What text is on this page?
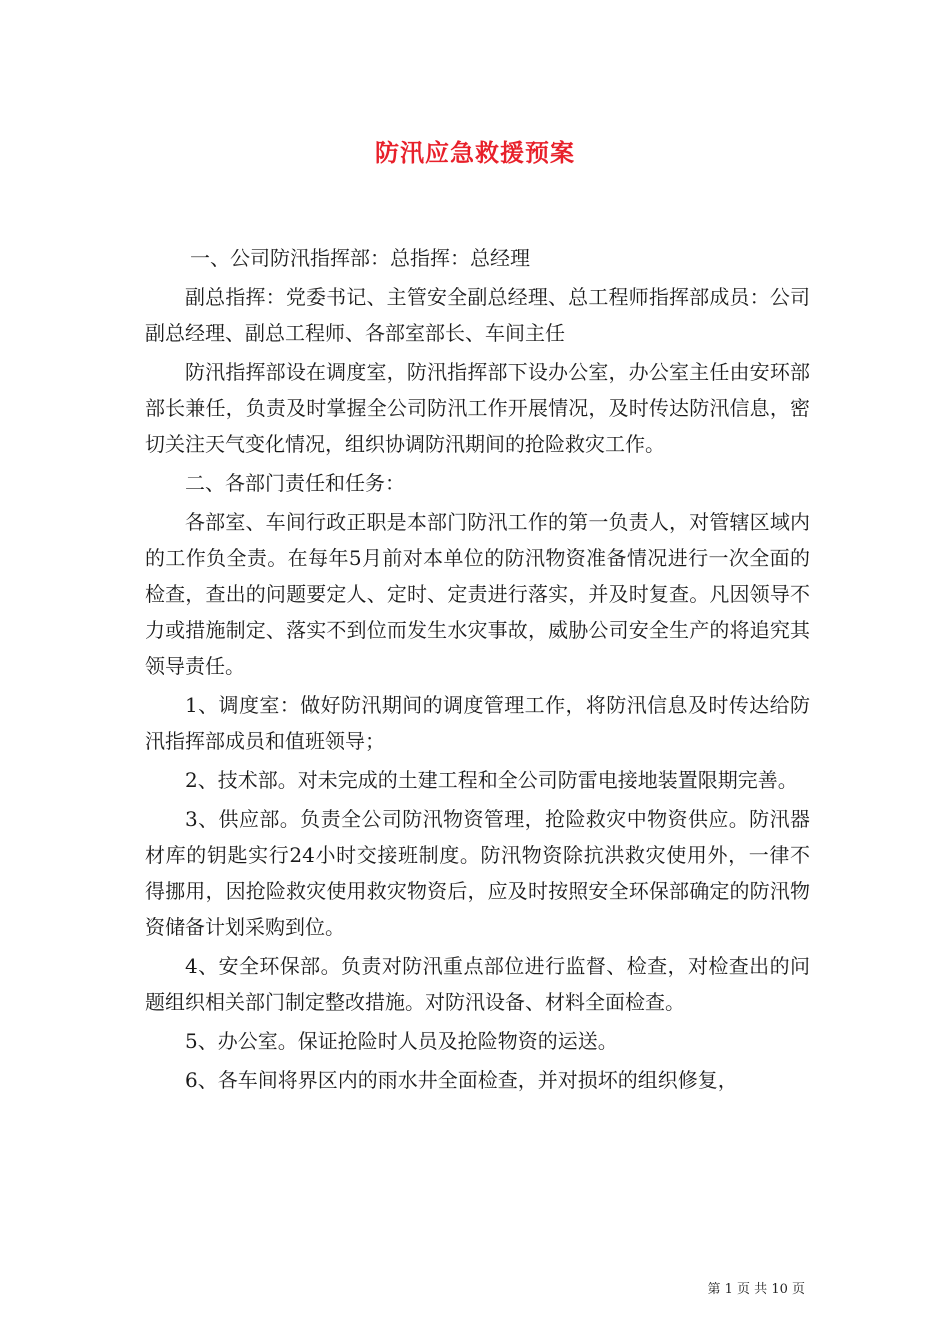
防汛应急救援预案

一、公司防汛指挥部：总指挥：总经理

副总指挥：党委书记、主管安全副总经理、总工程师指挥部成员：公司副总经理、副总工程师、各部室部长、车间主任

防汛指挥部设在调度室，防汛指挥部下设办公室，办公室主任由安环部部长兼任，负责及时掌握全公司防汛工作开展情况，及时传达防汛信息，密切关注天气变化情况，组织协调防汛期间的抢险救灾工作。

二、各部门责任和任务：

各部室、车间行政正职是本部门防汛工作的第一负责人，对管辖区域内的工作负全责。在每年5月前对本单位的防汛物资准备情况进行一次全面的检查，查出的问题要定人、定时、定责进行落实，并及时复查。凡因领导不力或措施制定、落实不到位而发生水灾事故，威胁公司安全生产的将追究其领导责任。

1、调度室：做好防汛期间的调度管理工作，将防汛信息及时传达给防汛指挥部成员和值班领导；

2、技术部。对未完成的土建工程和全公司防雷电接地装置限期完善。

3、供应部。负责全公司防汛物资管理，抢险救灾中物资供应。防汛器材库的钥匙实行24小时交接班制度。防汛物资除抗洪救灾使用外，一律不得挪用，因抢险救灾使用救灾物资后，应及时按照安全环保部确定的防汛物资储备计划采购到位。

4、安全环保部。负责对防汛重点部位进行监督、检查，对检查出的问题组织相关部门制定整改措施。对防汛设备、材料全面检查。

5、办公室。保证抢险时人员及抢险物资的运送。

6、各车间将界区内的雨水井全面检查，并对损坏的组织修复，

第 1 页 共 10 页
